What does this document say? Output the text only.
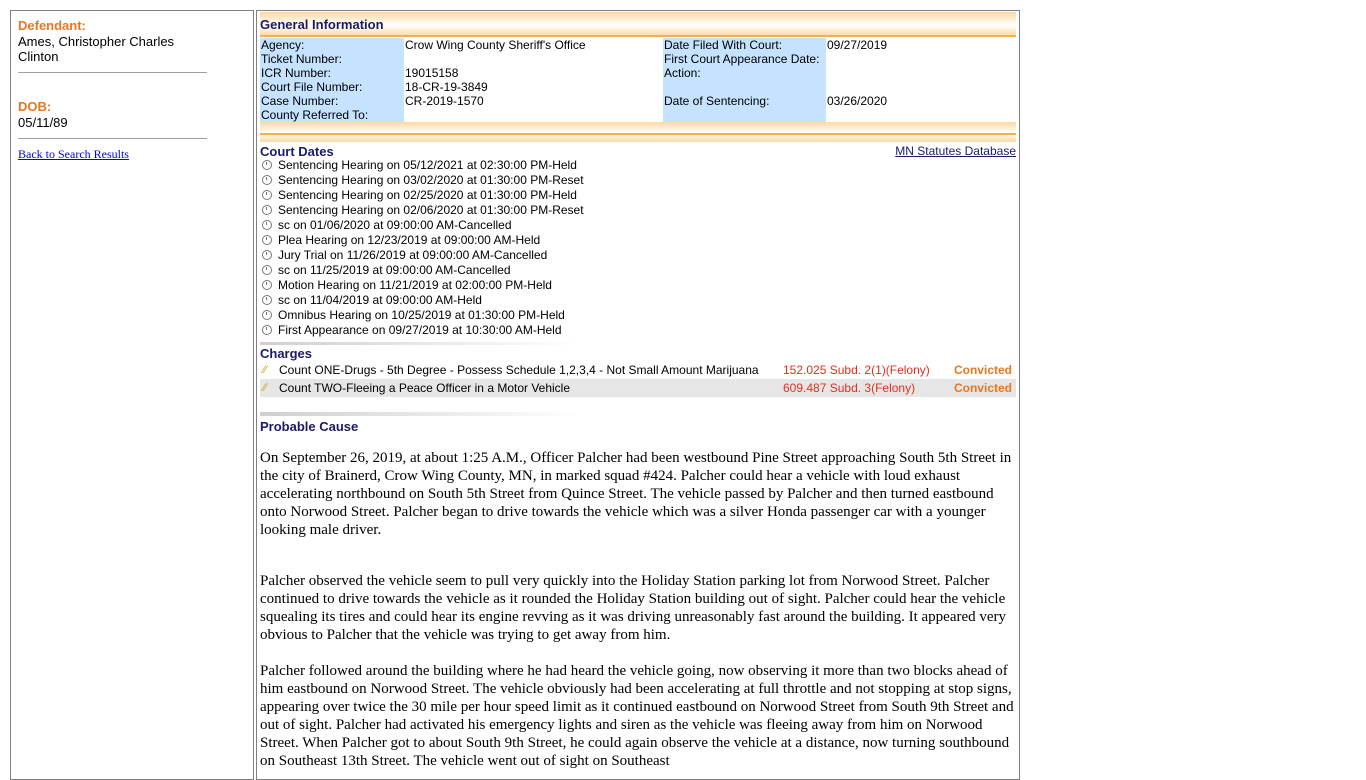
Defendant:
Ames, Christopher Charles Clinton
DOB:
05/11/89
Back to Search Results
General Information
Agency:	Crow Wing County Sheriff's Office	Date Filed With Court:	09/27/2019
Ticket Number:		First Court Appearance Date:	
ICR Number:	19015158	Action:	
Court File Number:	18-CR-19-3849		
Case Number:	CR-2019-1570	Date of Sentencing:	03/26/2020
County Referred To:			
Court Dates	MN Statutes Database
Sentencing Hearing on 05/12/2021 at 02:30:00 PM-Held
Sentencing Hearing on 03/02/2020 at 01:30:00 PM-Reset
Sentencing Hearing on 02/25/2020 at 01:30:00 PM-Held
Sentencing Hearing on 02/06/2020 at 01:30:00 PM-Reset
sc on 01/06/2020 at 09:00:00 AM-Cancelled
Plea Hearing on 12/23/2019 at 09:00:00 AM-Held
Jury Trial on 11/26/2019 at 09:00:00 AM-Cancelled
sc on 11/25/2019 at 09:00:00 AM-Cancelled
Motion Hearing on 11/21/2019 at 02:00:00 PM-Held
sc on 11/04/2019 at 09:00:00 AM-Held
Omnibus Hearing on 10/25/2019 at 01:30:00 PM-Held
First Appearance on 09/27/2019 at 10:30:00 AM-Held
Charges
∕∕ Count ONE-Drugs - 5th Degree - Possess Schedule 1,2,3,4 - Not Small Amount Marijuana 152.025 Subd. 2(1)(Felony) Convicted
∕∕ Count TWO-Fleeing a Peace Officer in a Motor Vehicle	609.487 Subd. 3(Felony)	Convicted
Probable Cause

On September 26, 2019, at about 1:25 A.M., Officer Palcher had been westbound Pine Street approaching South 5th Street in the city of Brainerd, Crow Wing County, MN, in marked squad #424. Palcher could hear a vehicle with loud exhaust accelerating northbound on South 5th Street from Quince Street. The vehicle passed by Palcher and then turned eastbound onto Norwood Street. Palcher began to drive towards the vehicle which was a silver Honda passenger car with a younger looking male driver.

Palcher observed the vehicle seem to pull very quickly into the Holiday Station parking lot from Norwood Street. Palcher continued to drive towards the vehicle as it rounded the Holiday Station building out of sight. Palcher could hear the vehicle squealing its tires and could hear its engine revving as it was driving unreasonably fast around the building. It appeared very obvious to Palcher that the vehicle was trying to get away from him.

Palcher followed around the building where he had heard the vehicle going, now observing it more than two blocks ahead of him eastbound on Norwood Street. The vehicle obviously had been accelerating at full throttle and not stopping at stop signs, appearing over twice the 30 mile per hour speed limit as it continued eastbound on Norwood Street from South 9th Street and out of sight. Palcher had activated his emergency lights and siren as the vehicle was fleeing away from him on Norwood Street. When Palcher got to about South 9th Street, he could again observe the vehicle at a distance, now turning southbound on Southeast 13th Street. The vehicle went out of sight on Southeast
